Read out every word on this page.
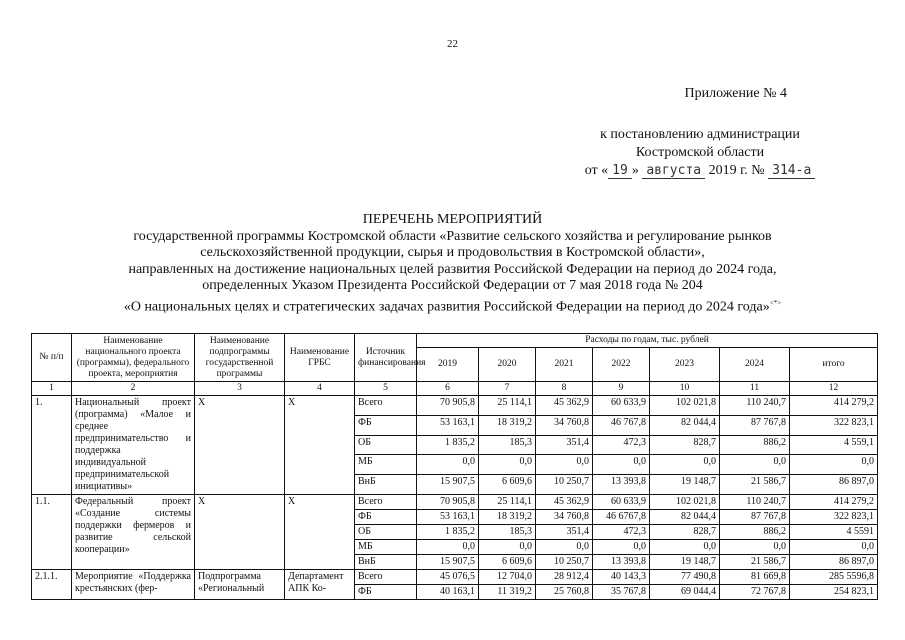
22
Приложение № 4
к постановлению администрации
Костромской области
от « 19 » августа 2019 г. № 314-а
ПЕРЕЧЕНЬ МЕРОПРИЯТИЙ
государственной программы Костромской области «Развитие сельского хозяйства и регулирование рынков
сельскохозяйственной продукции, сырья и продовольствия в Костромской области»,
направленных на достижение национальных целей развития Российской Федерации на период до 2024 года,
определенных Указом Президента Российской Федерации от 7 мая 2018 года № 204
«О национальных целях и стратегических задачах развития Российской Федерации на период до 2024 года»<*>
№ п/п	Наименование национального проекта (программы), федерального проекта, мероприятия	Наименование подпрограммы государственной программы	Наименование ГРБС	Источник финансирования	Расходы по годам, тыс. рублей						
					2019	2020	2021	2022	2023	2024	итого
1	2	3	4	5	6	7	8	9	10	11	12
1.	Национальный проект (программа) «Малое и среднее предпринимательство и поддержка индивидуальной предпринимательской инициативы»	Х	Х	Всего	70 905,8	25 114,1	45 362,9	60 633,9	102 021,8	110 240,7	414 279,2
				ФБ	53 163,1	18 319,2	34 760,8	46 767,8	82 044,4	87 767,8	322 823,1
				ОБ	1 835,2	185,3	351,4	472,3	828,7	886,2	4 559,1
				МБ	0,0	0,0	0,0	0,0	0,0	0,0	0,0
				ВнБ	15 907,5	6 609,6	10 250,7	13 393,8	19 148,7	21 586,7	86 897,0
1.1.	Федеральный проект «Создание системы поддержки фермеров и развитие сельской кооперации»	Х	Х	Всего	70 905,8	25 114,1	45 362,9	60 633,9	102 021,8	110 240,7	414 279,2
				ФБ	53 163,1	18 319,2	34 760,8	46 6767,8	82 044,4	87 767,8	322 823,1
				ОБ	1 835,2	185,3	351,4	472,3	828,7	886,2	4 5591
				МБ	0,0	0,0	0,0	0,0	0,0	0,0	0,0
				ВнБ	15 907,5	6 609,6	10 250,7	13 393,8	19 148,7	21 586,7	86 897,0
2.1.1.	Мероприятие «Поддержка крестьянских (фер-	Подпрограмма «Региональный	Департамент АПК Ко-	Всего	45 076,5	12 704,0	28 912,4	40 143,3	77 490,8	81 669,8	285 5596,8
				ФБ	40 163,1	11 319,2	25 760,8	35 767,8	69 044,4	72 767,8	254 823,1
